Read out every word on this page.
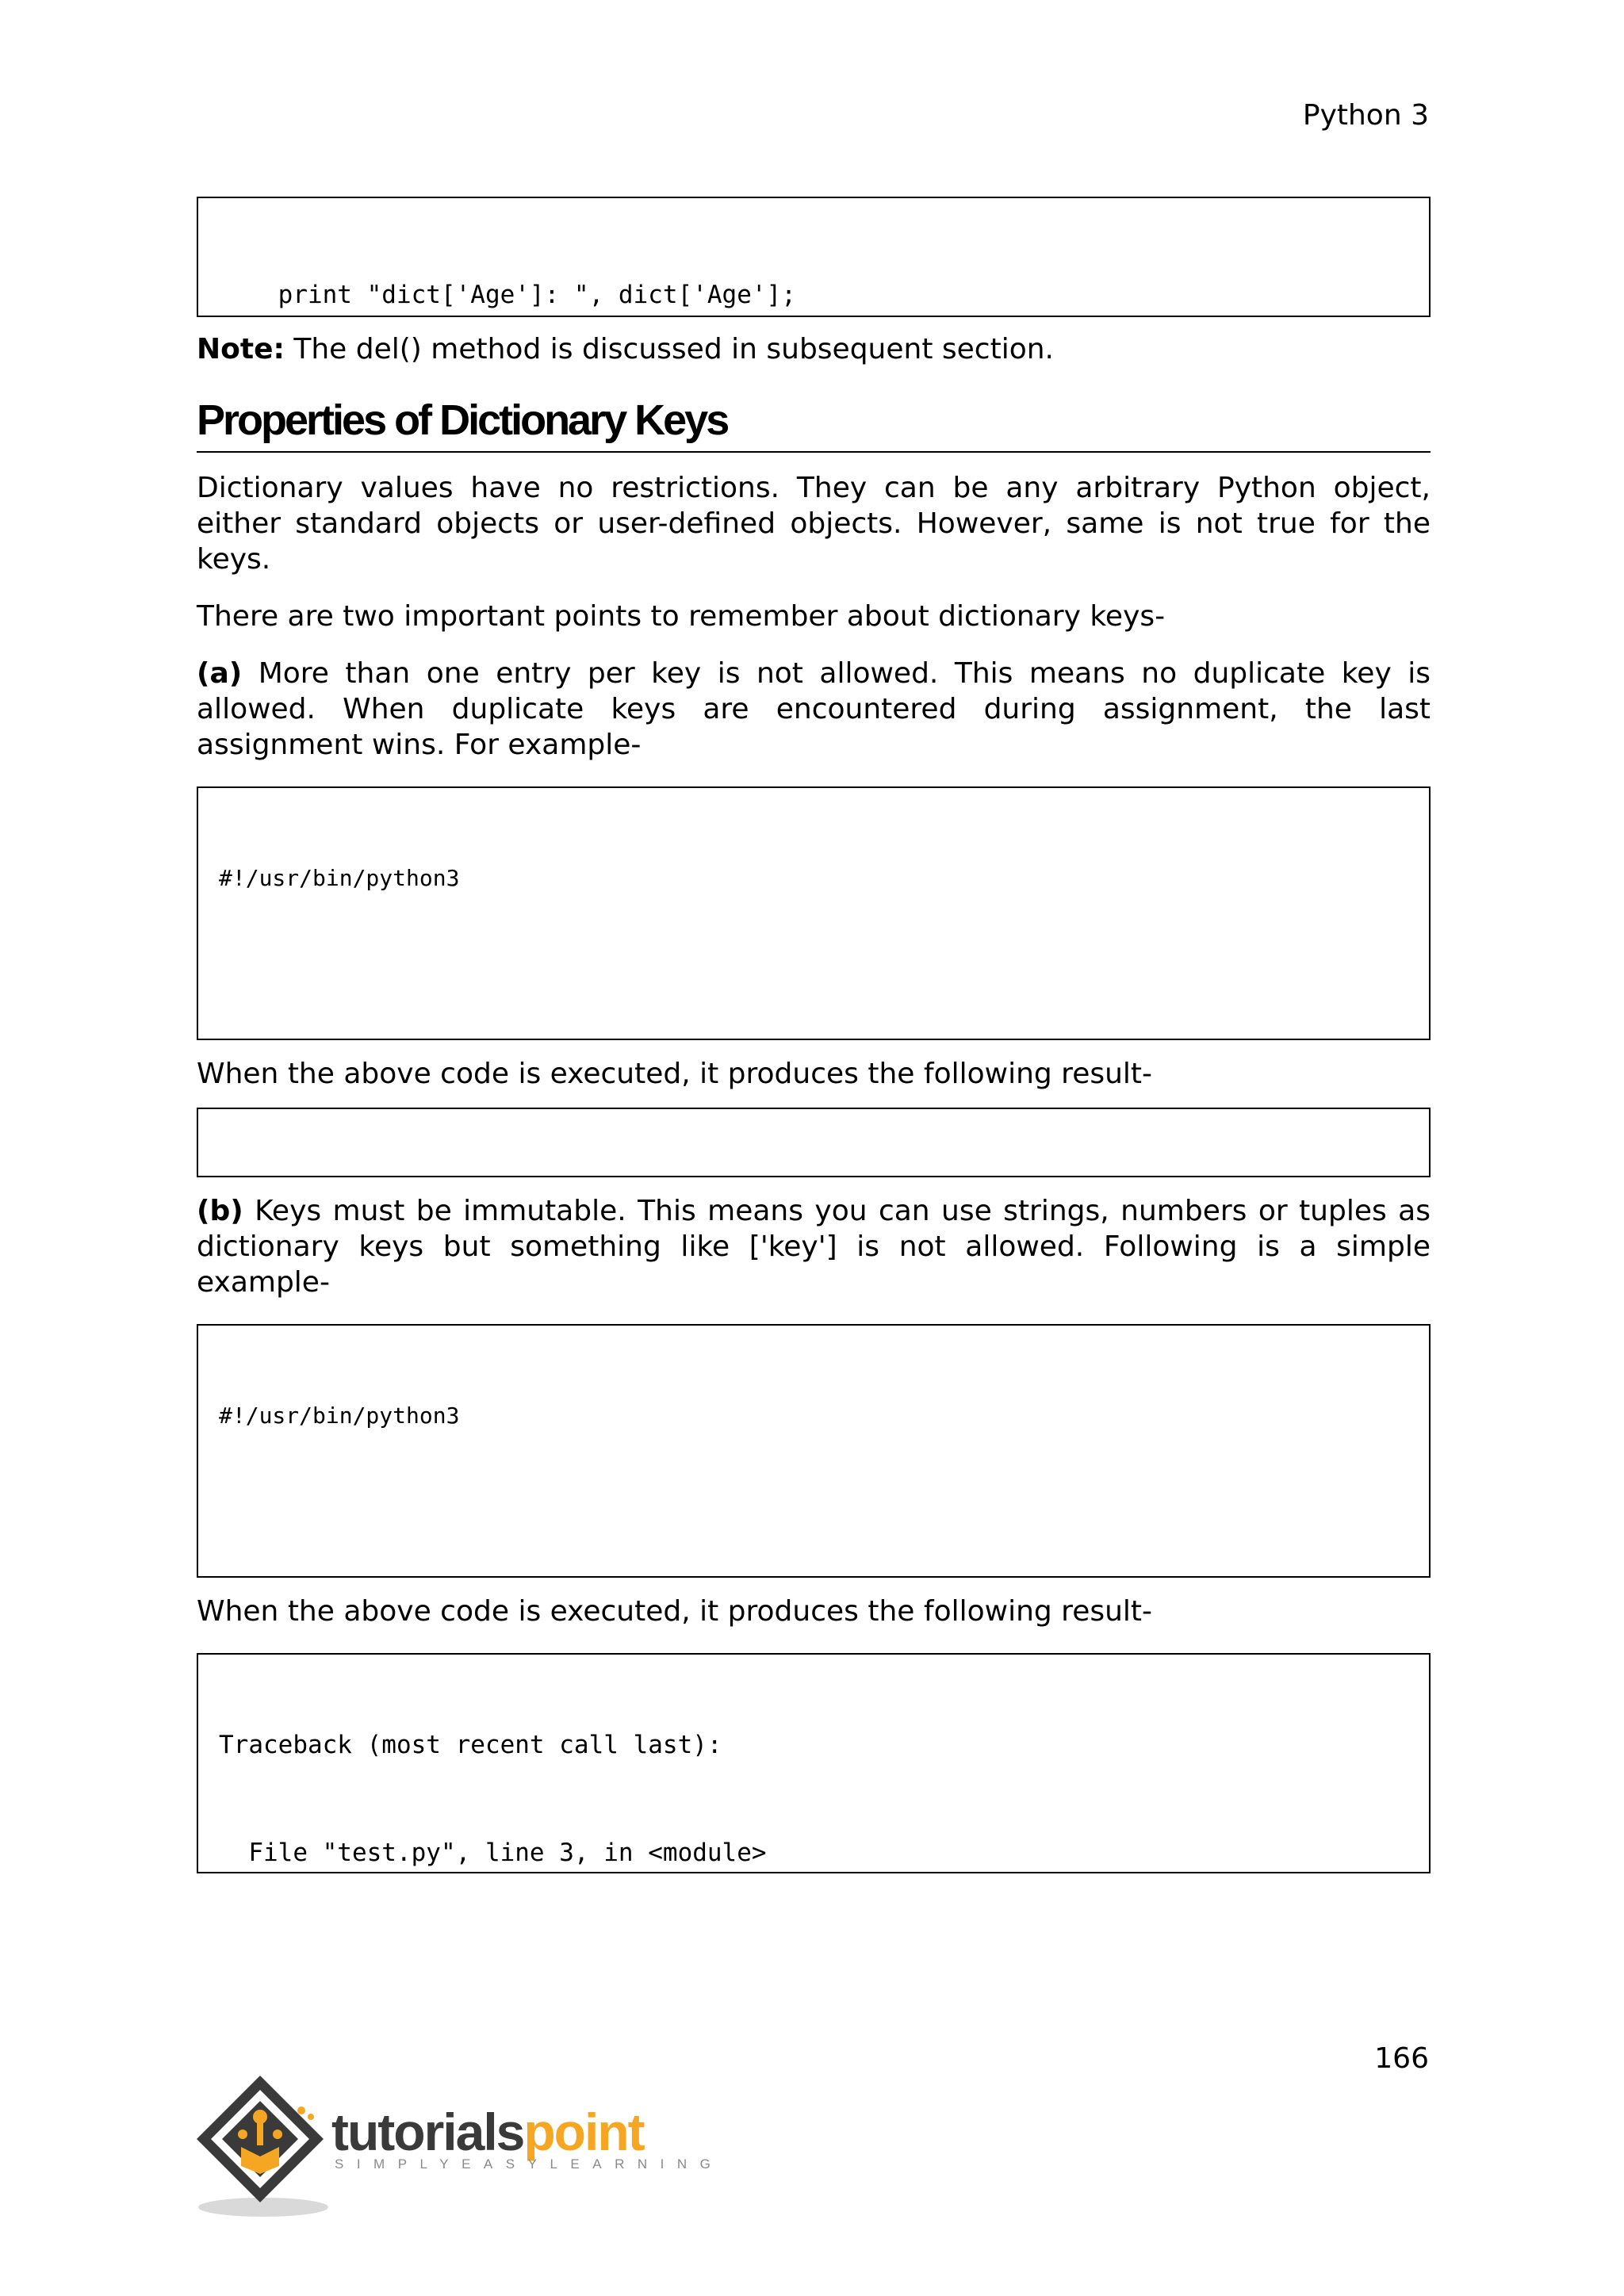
Python 3

print "dict['Age']: ", dict['Age'];

Note: The del() method is discussed in subsequent section.

Properties of Dictionary Keys

Dictionary values have no restrictions. They can be any arbitrary Python object, either standard objects or user-defined objects. However, same is not true for the keys.

There are two important points to remember about dictionary keys-

(a) More than one entry per key is not allowed. This means no duplicate key is allowed. When duplicate keys are encountered during assignment, the last assignment wins. For example-

#!/usr/bin/python3

When the above code is executed, it produces the following result-

(b) Keys must be immutable. This means you can use strings, numbers or tuples as dictionary keys but something like ['key'] is not allowed. Following is a simple example-

#!/usr/bin/python3

When the above code is executed, it produces the following result-

Traceback (most recent call last):

File "test.py", line 3, in <module>

166
tutorialspoint
SIMPLYEASYLEARNING
